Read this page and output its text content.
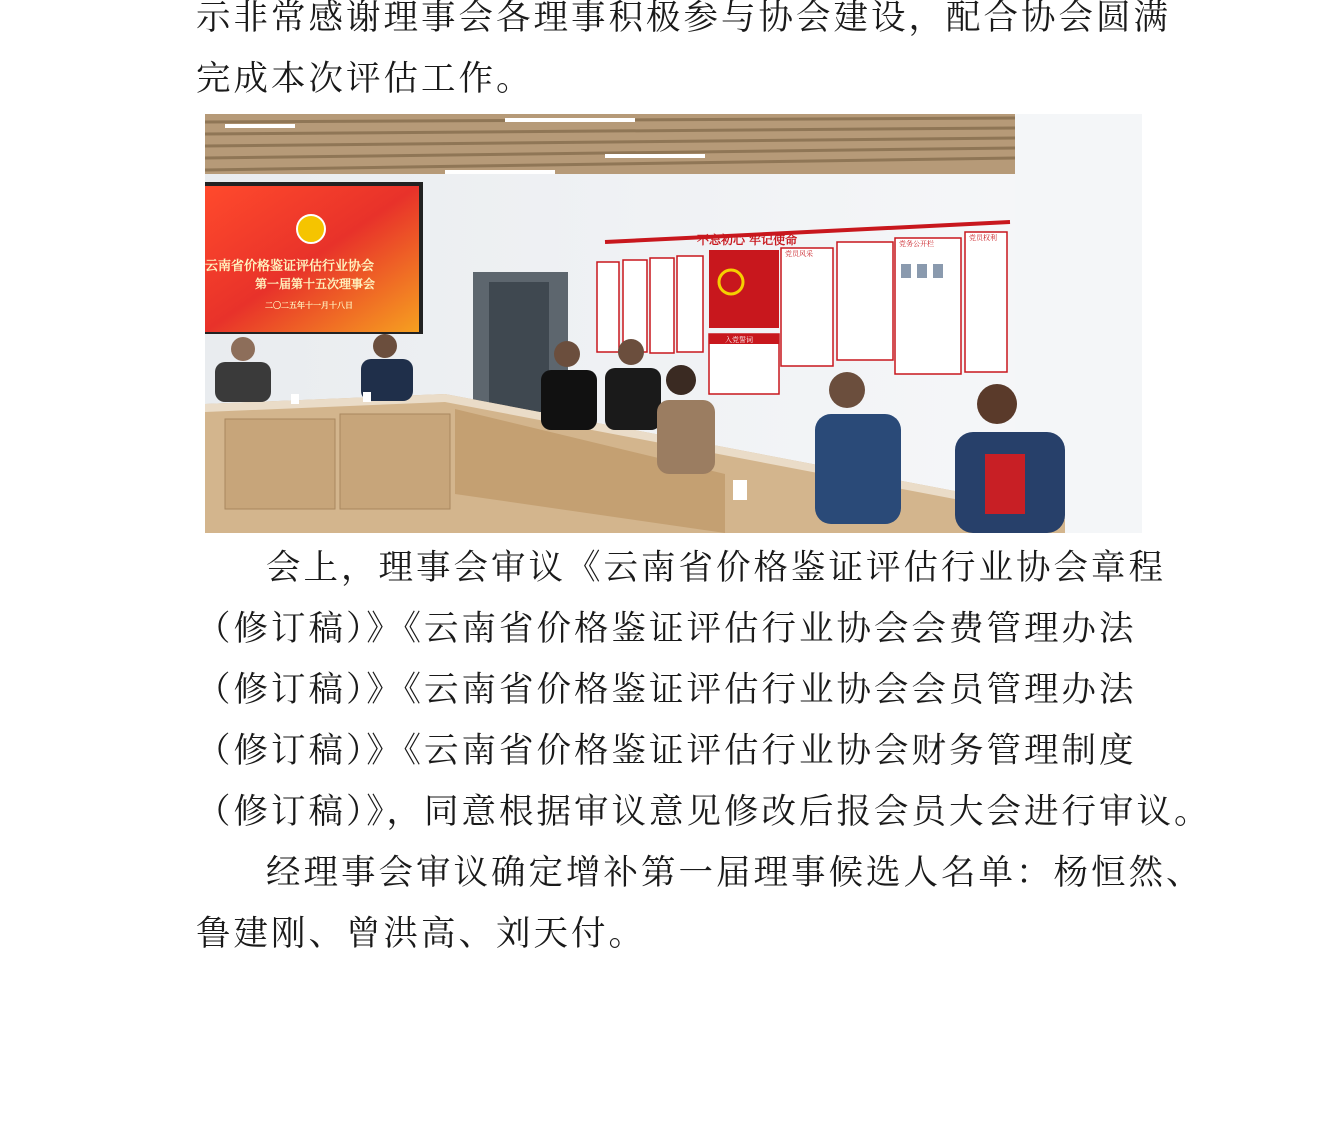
示非常感谢理事会各理事积极参与协会建设，配合协会圆满
完成本次评估工作。

云南省价格鉴证评估行业协会
第一届第十五次理事会
二〇二五年十一月十八日
不忘初心 牢记使命
党员风采
党务公开栏
党员权利
入党誓词

会上，理事会审议《云南省价格鉴证评估行业协会章程
（修订稿）》《云南省价格鉴证评估行业协会会费管理办法
（修订稿）》《云南省价格鉴证评估行业协会会员管理办法
（修订稿）》《云南省价格鉴证评估行业协会财务管理制度
（修订稿）》，同意根据审议意见修改后报会员大会进行审议。

经理事会审议确定增补第一届理事候选人名单：杨恒然、
鲁建刚、曾洪高、刘天付。
